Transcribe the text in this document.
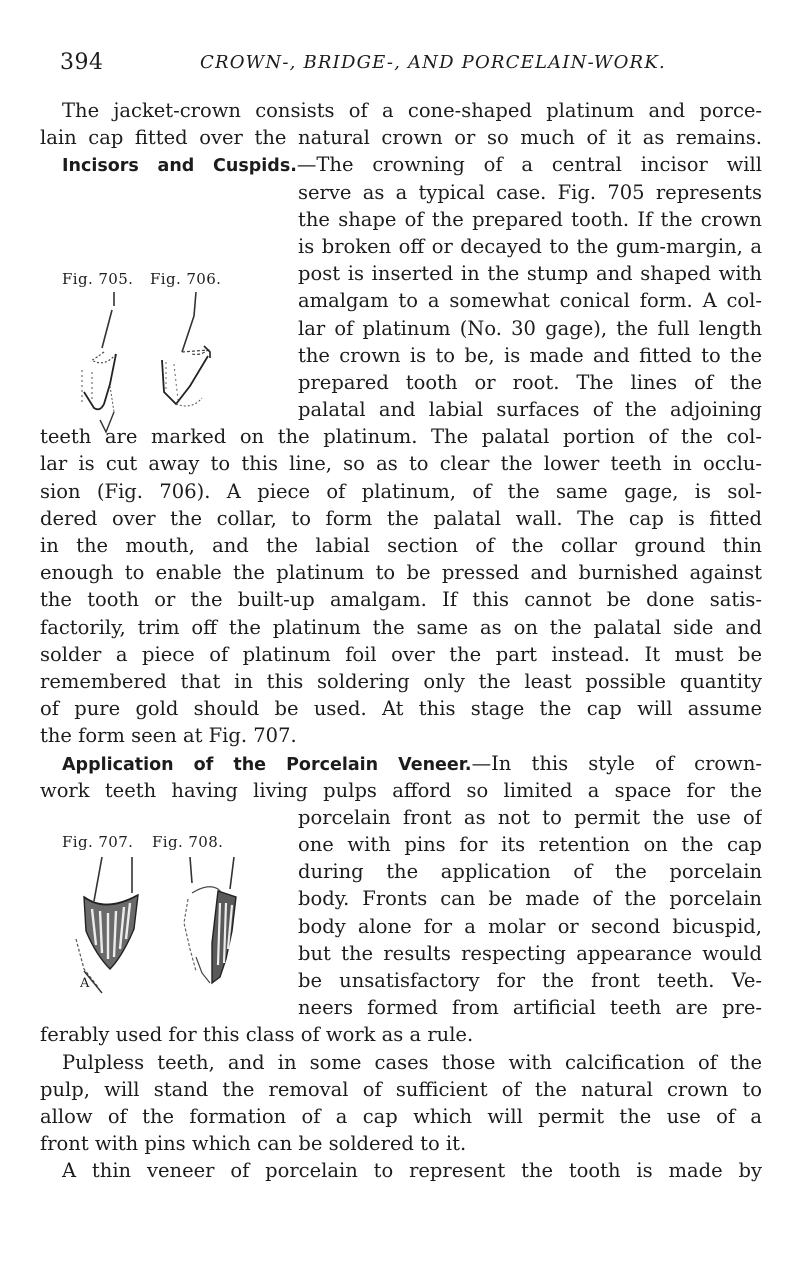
394	CROWN-, BRIDGE-, AND PORCELAIN-WORK.
Fig. 705. Fig. 706.
Fig. 707. Fig. 708.
A
The jacket-crown consists of a cone-shaped platinum and porce-
lain cap fitted over the natural crown or so much of it as remains.
Incisors and Cuspids.—The crowning of a central incisor will
serve as a typical case. Fig. 705 represents
the shape of the prepared tooth. If the crown
is broken off or decayed to the gum-margin, a
post is inserted in the stump and shaped with
amalgam to a somewhat conical form. A col-
lar of platinum (No. 30 gage), the full length
the crown is to be, is made and fitted to the
prepared tooth or root. The lines of the
palatal and labial surfaces of the adjoining
teeth are marked on the platinum. The palatal portion of the col-
lar is cut away to this line, so as to clear the lower teeth in occlu-
sion (Fig. 706). A piece of platinum, of the same gage, is sol-
dered over the collar, to form the palatal wall. The cap is fitted
in the mouth, and the labial section of the collar ground thin
enough to enable the platinum to be pressed and burnished against
the tooth or the built-up amalgam. If this cannot be done satis-
factorily, trim off the platinum the same as on the palatal side and
solder a piece of platinum foil over the part instead. It must be
remembered that in this soldering only the least possible quantity
of pure gold should be used. At this stage the cap will assume
the form seen at Fig. 707.
Application of the Porcelain Veneer.—In this style of crown-
work teeth having living pulps afford so limited a space for the
porcelain front as not to permit the use of
one with pins for its retention on the cap
during the application of the porcelain
body. Fronts can be made of the porcelain
body alone for a molar or second bicuspid,
but the results respecting appearance would
be unsatisfactory for the front teeth. Ve-
neers formed from artificial teeth are pre-
ferably used for this class of work as a rule.
Pulpless teeth, and in some cases those with calcification of the
pulp, will stand the removal of sufficient of the natural crown to
allow of the formation of a cap which will permit the use of a
front with pins which can be soldered to it.
A thin veneer of porcelain to represent the tooth is made by
